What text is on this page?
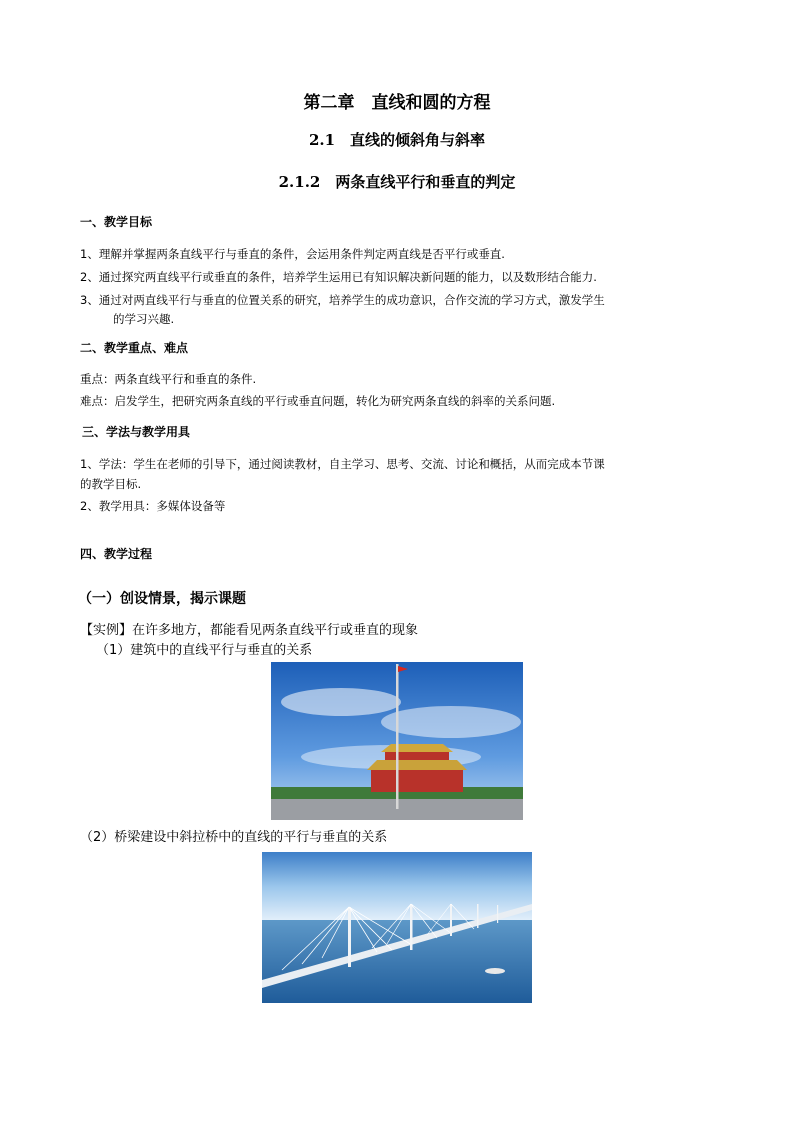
第二章　直线和圆的方程
2.1　直线的倾斜角与斜率
2.1.2　两条直线平行和垂直的判定
一、教学目标
1、理解并掌握两条直线平行与垂直的条件，会运用条件判定两直线是否平行或垂直.
2、通过探究两直线平行或垂直的条件，培养学生运用已有知识解决新问题的能力，以及数形结合能力.
3、通过对两直线平行与垂直的位置关系的研究，培养学生的成功意识，合作交流的学习方式，激发学生
的学习兴趣.
二、教学重点、难点
重点：两条直线平行和垂直的条件.
难点：启发学生，把研究两条直线的平行或垂直问题，转化为研究两条直线的斜率的关系问题.
三、学法与教学用具
1、学法：学生在老师的引导下，通过阅读教材，自主学习、思考、交流、讨论和概括，从而完成本节课
的教学目标.
2、教学用具：多媒体设备等
四、教学过程
（一）创设情景，揭示课题
【实例】在许多地方，都能看见两条直线平行或垂直的现象
（1）建筑中的直线平行与垂直的关系
（2）桥梁建设中斜拉桥中的直线的平行与垂直的关系
